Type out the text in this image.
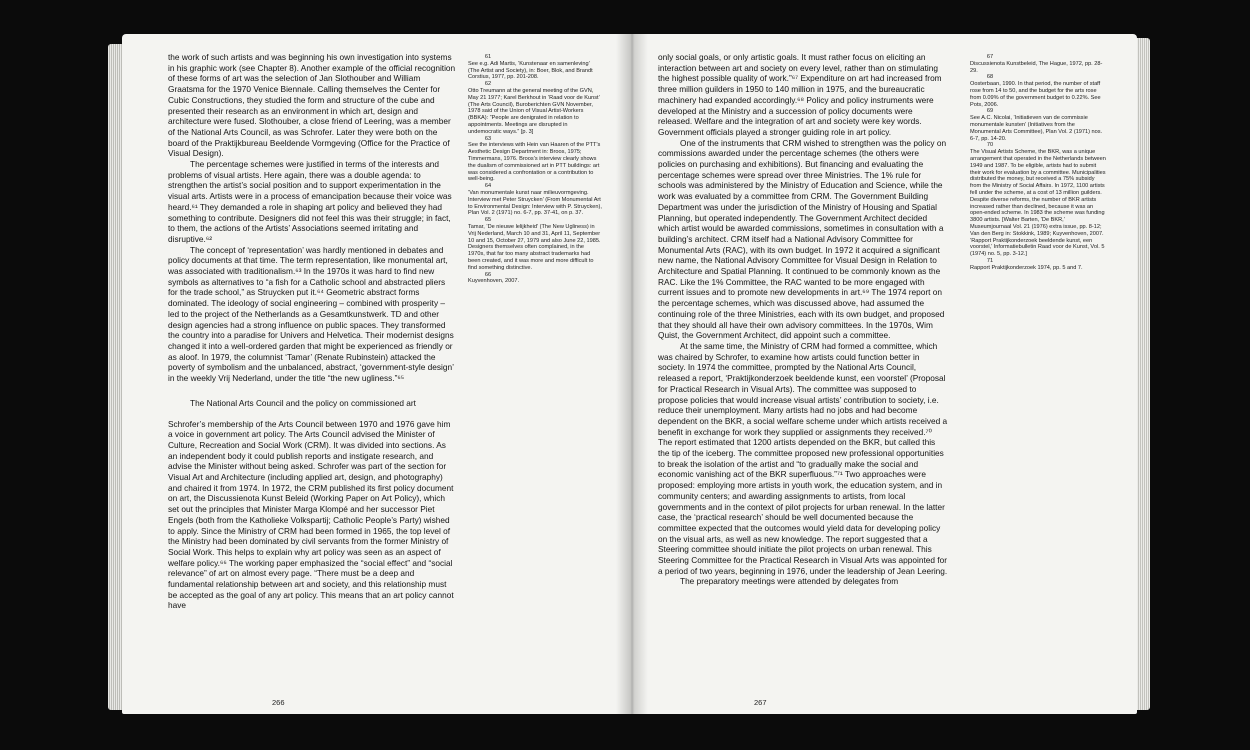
the work of such artists and was beginning his own investigation into systems in his graphic work (see Chapter 8). Another example of the official recognition of these forms of art was the selection of Jan Slothouber and William Graatsma for the 1970 Venice Biennale. Calling themselves the Center for Cubic Constructions, they studied the form and structure of the cube and presented their research as an environment in which art, design and architecture were fused. Slothouber, a close friend of Leering, was a member of the National Arts Council, as was Schrofer. Later they were both on the board of the Praktijkbureau Beeldende Vormgeving (Office for the Practice of Visual Design).

The percentage schemes were justified in terms of the interests and problems of visual artists. Here again, there was a double agenda: to strengthen the artist’s social position and to support experimentation in the visual arts. Artists were in a process of emancipation because their voice was heard.⁶¹ They demanded a role in shaping art policy and believed they had something to contribute. Designers did not feel this was their struggle; in fact, to them, the actions of the Artists’ Associations seemed irritating and disruptive.⁶²

The concept of ‘representation’ was hardly mentioned in debates and policy documents at that time. The term representation, like monumental art, was associated with traditionalism.⁶³ In the 1970s it was hard to find new symbols as alternatives to “a fish for a Catholic school and abstracted pliers for the trade school,” as Struycken put it.⁶⁴ Geometric abstract forms dominated. The ideology of social engineering – combined with prosperity – led to the project of the Netherlands as a Gesamtkunstwerk. TD and other design agencies had a strong influence on public spaces. They transformed the country into a paradise for Univers and Helvetica. Their modernist designs changed it into a well-ordered garden that might be experienced as friendly or as aloof. In 1979, the columnist ‘Tamar’ (Renate Rubinstein) attacked the poverty of symbolism and the unbalanced, abstract, ‘government-style design’ in the weekly Vrij Nederland, under the title “the new ugliness.”⁶⁵

The National Arts Council and the policy on commissioned art

Schrofer’s membership of the Arts Council between 1970 and 1976 gave him a voice in government art policy. The Arts Council advised the Minister of Culture, Recreation and Social Work (CRM). It was divided into sections. As an independent body it could publish reports and instigate research, and advise the Minister without being asked. Schrofer was part of the section for Visual Art and Architecture (including applied art, design, and photography) and chaired it from 1974. In 1972, the CRM published its first policy document on art, the Discussienota Kunst Beleid (Working Paper on Art Policy), which set out the principles that Minister Marga Klompé and her successor Piet Engels (both from the Katholieke Volkspartij; Catholic People’s Party) wished to apply. Since the Ministry of CRM had been formed in 1965, the top level of the Ministry had been dominated by civil servants from the former Ministry of Social Work. This helps to explain why art policy was seen as an aspect of welfare policy.⁶⁶ The working paper emphasized the “social effect” and “social relevance” of art on almost every page. “There must be a deep and fundamental relationship between art and society, and this relationship must be accepted as the goal of any art policy. This means that an art policy cannot have

61
See e.g. Adi Martis, ‘Kunstenaar en samenleving’ (The Artist and Society), in: Boer, Blok, and Brandt Corstius, 1977, pp. 201-208.
62
Otto Treumann at the general meeting of the GVN, May 21 1977; Karel Berkhout in ‘Raad voor de Kunst’ (The Arts Council), Buroberichten GVN November, 1978 said of the Union of Visual Artist-Workers (BBKA): “People are denigrated in relation to appointments. Meetings are disrupted in undemocratic ways.” [p. 3]
63
See the interviews with Hein van Haaren of the PTT’s Aesthetic Design Department in: Broos, 1975; Timmermans, 1976. Broos’s interview clearly shows the dualism of commissioned art in PTT buildings: art was considered a confrontation or a contribution to well-being.
64
‘Van monumentale kunst naar milieuvormgeving. Interview met Peter Struycken’ (From Monumental Art to Environmental Design: Interview with P. Struycken), Plan Vol. 2 (1971) no. 6-7, pp. 37-41, on p. 37.
65
Tamar, ‘De nieuwe lelijkheid’ (The New Ugliness) in Vrij Nederland, March 10 and 31, April 11, September 10 and 15, October 27, 1979 and also June 22, 1985. Designers themselves often complained, in the 1970s, that far too many abstract trademarks had been created, and it was more and more difficult to find something distinctive.
66
Kuyvenhoven, 2007.
266

only social goals, or only artistic goals. It must rather focus on eliciting an interaction between art and society on every level, rather than on stimulating the highest possible quality of work.”⁶⁷ Expenditure on art had increased from three million guilders in 1950 to 140 million in 1975, and the bureaucratic machinery had expanded accordingly.⁶⁸ Policy and policy instruments were developed at the Ministry and a succession of policy documents were released. Welfare and the integration of art and society were key words. Government officials played a stronger guiding role in art policy.

One of the instruments that CRM wished to strengthen was the policy on commissions awarded under the percentage schemes (the others were policies on purchasing and exhibitions). But financing and evaluating the percentage schemes were spread over three Ministries. The 1% rule for schools was administered by the Ministry of Education and Science, while the work was evaluated by a committee from CRM. The Government Building Department was under the jurisdiction of the Ministry of Housing and Spatial Planning, but operated independently. The Government Architect decided which artist would be awarded commissions, sometimes in consultation with a building’s architect. CRM itself had a National Advisory Committee for Monumental Arts (RAC), with its own budget. In 1972 it acquired a significant new name, the National Advisory Committee for Visual Design in Relation to Architecture and Spatial Planning. It continued to be commonly known as the RAC. Like the 1% Committee, the RAC wanted to be more engaged with current issues and to promote new developments in art.⁶⁹ The 1974 report on the percentage schemes, which was discussed above, had assumed the continuing role of the three Ministries, each with its own budget, and proposed that they should all have their own advisory committees. In the 1970s, Wim Quist, the Government Architect, did appoint such a committee.

At the same time, the Ministry of CRM had formed a committee, which was chaired by Schrofer, to examine how artists could function better in society. In 1974 the committee, prompted by the National Arts Council, released a report, ‘Praktijkonderzoek beeldende kunst, een voorstel’ (Proposal for Practical Research in Visual Arts). The committee was supposed to propose policies that would increase visual artists’ contribution to society, i.e. reduce their unemployment. Many artists had no jobs and had become dependent on the BKR, a social welfare scheme under which artists received a benefit in exchange for work they supplied or assignments they received.⁷⁰ The report estimated that 1200 artists depended on the BKR, but called this the tip of the iceberg. The committee proposed new professional opportunities to break the isolation of the artist and “to gradually make the social and economic vanishing act of the BKR superfluous.”⁷¹ Two approaches were proposed: employing more artists in youth work, the education system, and in community centers; and awarding assignments to artists, from local governments and in the context of pilot projects for urban renewal. In the latter case, the ‘practical research’ should be well documented because the committee expected that the outcomes would yield data for developing policy on the visual arts, as well as new knowledge. The report suggested that a Steering committee should initiate the pilot projects on urban renewal. This Steering Committee for the Practical Research in Visual Arts was appointed for a period of two years, beginning in 1976, under the leadership of Jean Leering.

The preparatory meetings were attended by delegates from

67
Discussienota Kunstbeleid, The Hague, 1972, pp. 28-29.
68
Oosterbaan, 1990. In that period, the number of staff rose from 14 to 50, and the budget for the arts rose from 0.09% of the government budget to 0.22%. See Pots, 2006.
69
See A.C. Nicolai, ‘Initiatieven van de commissie monumentale kunsten’ (Initiatives from the Monumental Arts Committee), Plan Vol. 2 (1971) nos. 6-7, pp. 14-20.
70
The Visual Artists Scheme, the BKR, was a unique arrangement that operated in the Netherlands between 1949 and 1987. To be eligible, artists had to submit their work for evaluation by a committee. Municipalities distributed the money, but received a 75% subsidy from the Ministry of Social Affairs. In 1972, 1100 artists fell under the scheme, at a cost of 13 million guilders. Despite diverse reforms, the number of BKR artists increased rather than declined, because it was an open-ended scheme. In 1983 the scheme was funding 3800 artists. [Walter Barten, ‘De BKR,’ Museumjournaal Vol. 21 (1976) extra issue, pp. 8-12; Van den Berg in: Stokkink, 1989; Kuyvenhoven, 2007. ‘Rapport Praktijkonderzoek beeldende kunst, een voorstel,’ Informatiebulletin Raad voor de Kunst, Vol. 5 (1974) no. 5, pp. 3-12.]
71
Rapport Praktijkonderzoek 1974, pp. 5 and 7.
267
